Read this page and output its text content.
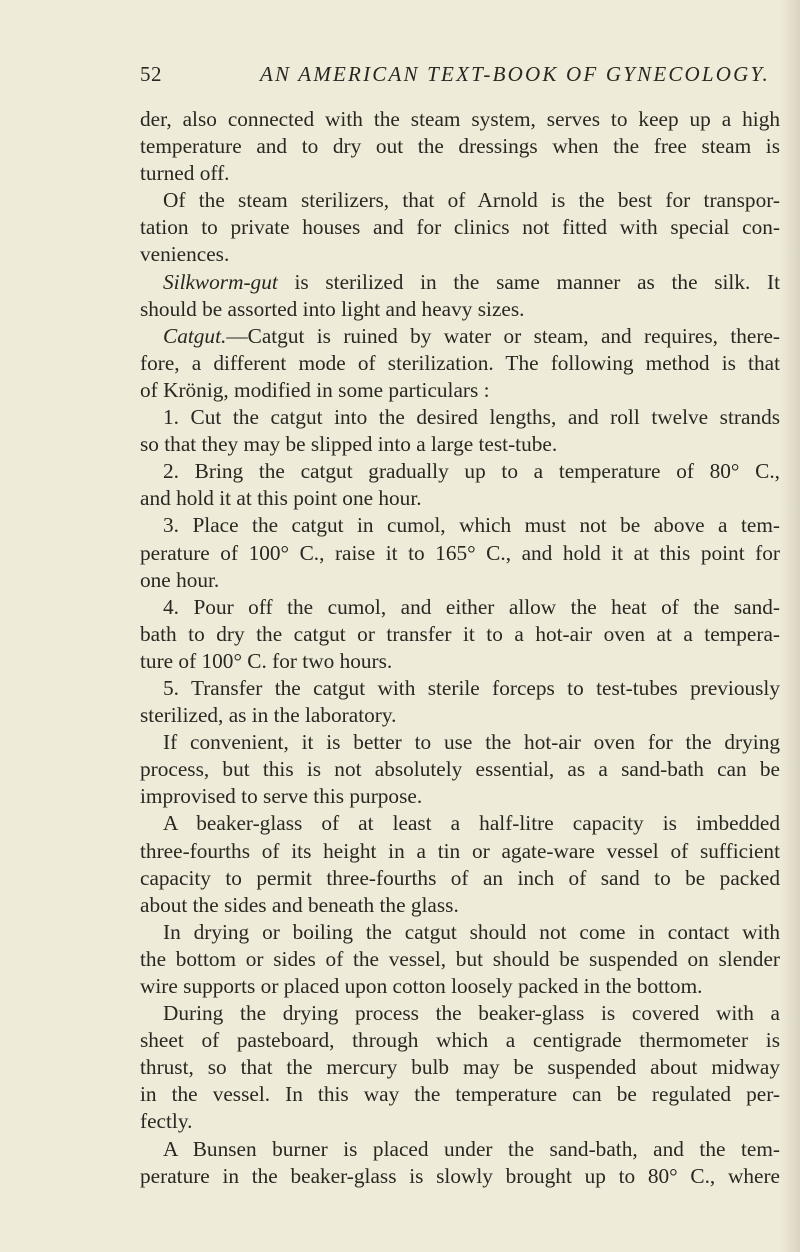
52	AN AMERICAN TEXT-BOOK OF GYNECOLOGY.
der, also connected with the steam system, serves to keep up a high
temperature and to dry out the dressings when the free steam is
turned off.
Of the steam sterilizers, that of Arnold is the best for transpor-
tation to private houses and for clinics not fitted with special con-
veniences.
Silkworm-gut is sterilized in the same manner as the silk. It
should be assorted into light and heavy sizes.
Catgut.—Catgut is ruined by water or steam, and requires, there-
fore, a different mode of sterilization. The following method is that
of Krönig, modified in some particulars :
1. Cut the catgut into the desired lengths, and roll twelve strands
so that they may be slipped into a large test-tube.
2. Bring the catgut gradually up to a temperature of 80° C.,
and hold it at this point one hour.
3. Place the catgut in cumol, which must not be above a tem-
perature of 100° C., raise it to 165° C., and hold it at this point for
one hour.
4. Pour off the cumol, and either allow the heat of the sand-
bath to dry the catgut or transfer it to a hot-air oven at a tempera-
ture of 100° C. for two hours.
5. Transfer the catgut with sterile forceps to test-tubes previously
sterilized, as in the laboratory.
If convenient, it is better to use the hot-air oven for the drying
process, but this is not absolutely essential, as a sand-bath can be
improvised to serve this purpose.
A beaker-glass of at least a half-litre capacity is imbedded
three-fourths of its height in a tin or agate-ware vessel of sufficient
capacity to permit three-fourths of an inch of sand to be packed
about the sides and beneath the glass.
In drying or boiling the catgut should not come in contact with
the bottom or sides of the vessel, but should be suspended on slender
wire supports or placed upon cotton loosely packed in the bottom.
During the drying process the beaker-glass is covered with a
sheet of pasteboard, through which a centigrade thermometer is
thrust, so that the mercury bulb may be suspended about midway
in the vessel. In this way the temperature can be regulated per-
fectly.
A Bunsen burner is placed under the sand-bath, and the tem-
perature in the beaker-glass is slowly brought up to 80° C., where
